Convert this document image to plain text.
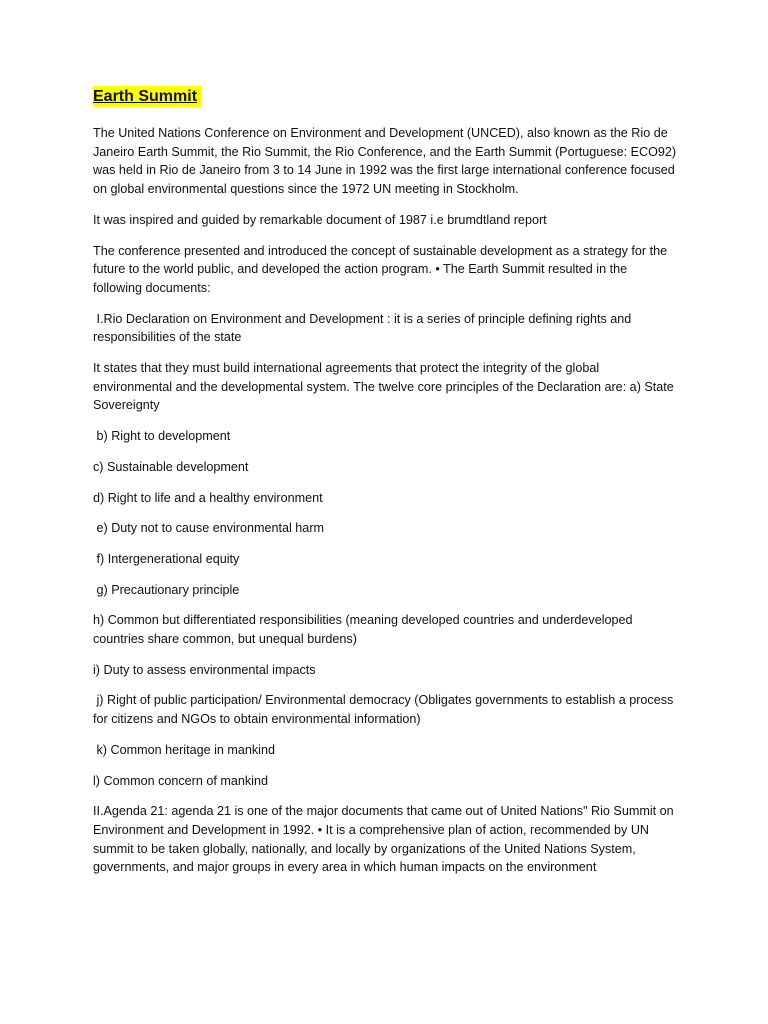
Earth Summit

The United Nations Conference on Environment and Development (UNCED), also known as the Rio de Janeiro Earth Summit, the Rio Summit, the Rio Conference, and the Earth Summit (Portuguese: ECO92) was held in Rio de Janeiro from 3 to 14 June in 1992 was the first large international conference focused on global environmental questions since the 1972 UN meeting in Stockholm.

It was inspired and guided by remarkable document of 1987 i.e brumdtland report

The conference presented and introduced the concept of sustainable development as a strategy for the future to the world public, and developed the action program. • The Earth Summit resulted in the following documents:

I.Rio Declaration on Environment and Development : it is a series of principle defining rights and responsibilities of the state

It states that they must build international agreements that protect the integrity of the global environmental and the developmental system. The twelve core principles of the Declaration are: a) State Sovereignty

b) Right to development

c) Sustainable development

d) Right to life and a healthy environment

e) Duty not to cause environmental harm

f) Intergenerational equity

g) Precautionary principle

h) Common but differentiated responsibilities (meaning developed countries and underdeveloped countries share common, but unequal burdens)

i) Duty to assess environmental impacts

j) Right of public participation/ Environmental democracy (Obligates governments to establish a process for citizens and NGOs to obtain environmental information)

k) Common heritage in mankind

l) Common concern of mankind

II.Agenda 21: agenda 21 is one of the major documents that came out of United Nations" Rio Summit on Environment and Development in 1992. • It is a comprehensive plan of action, recommended by UN summit to be taken globally, nationally, and locally by organizations of the United Nations System, governments, and major groups in every area in which human impacts on the environment
